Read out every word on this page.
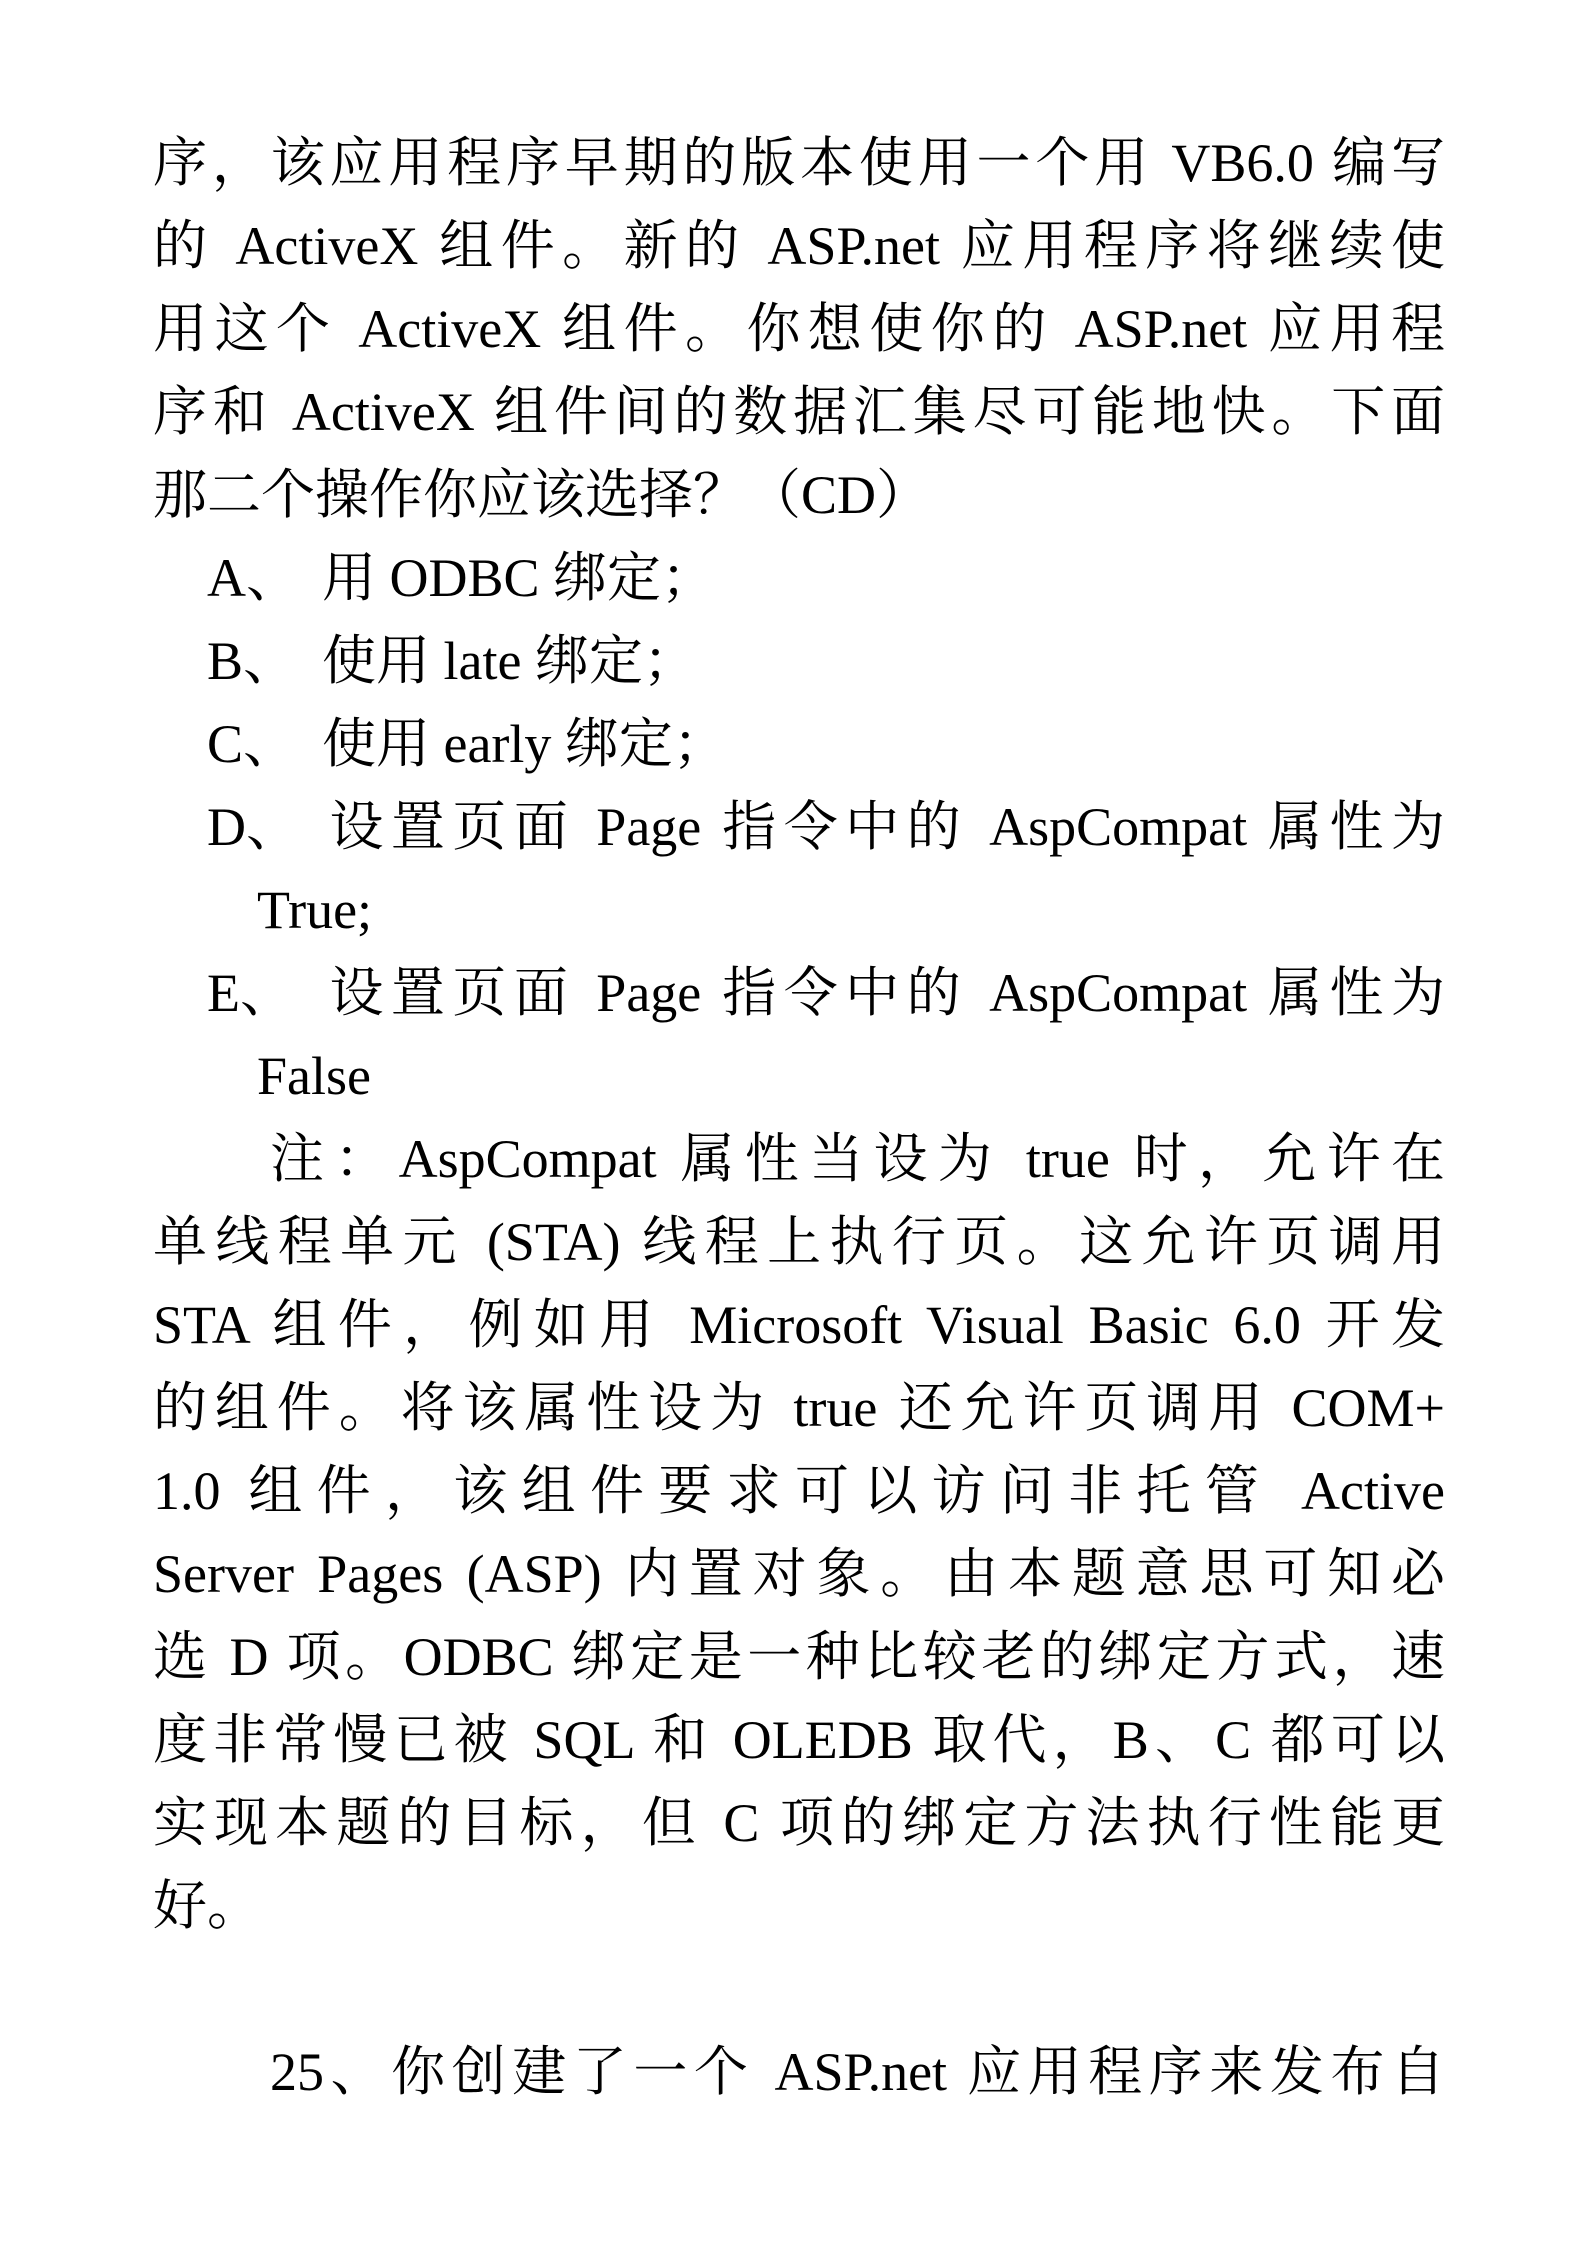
序，该应用程序早期的版本使用一个用 VB6.0 编写
的 ActiveX 组件。新的 ASP.net 应用程序将继续使
用这个 ActiveX 组件。你想使你的 ASP.net 应用程
序和 ActiveX 组件间的数据汇集尽可能地快。下面
那二个操作你应该选择？（CD）
A、 用 ODBC 绑定；
B、 使用 late 绑定；
C、 使用 early 绑定；
D、 设置页面 Page 指令中的 AspCompat 属性为
True;
E、 设置页面 Page 指令中的 AspCompat 属性为
False
注：AspCompat 属性当设为 true 时，允许在
单线程单元 (STA) 线程上执行页。这允许页调用
STA 组件，例如用 Microsoft Visual Basic 6.0 开发
的组件。将该属性设为 true 还允许页调用 COM+
1.0 组件，该组件要求可以访问非托管 Active
Server Pages (ASP) 内置对象。由本题意思可知必
选 D 项。ODBC 绑定是一种比较老的绑定方式，速
度非常慢已被 SQL 和 OLEDB 取代，B、C 都可以
实现本题的目标，但 C 项的绑定方法执行性能更
好。
25、你创建了一个 ASP.net 应用程序来发布自
